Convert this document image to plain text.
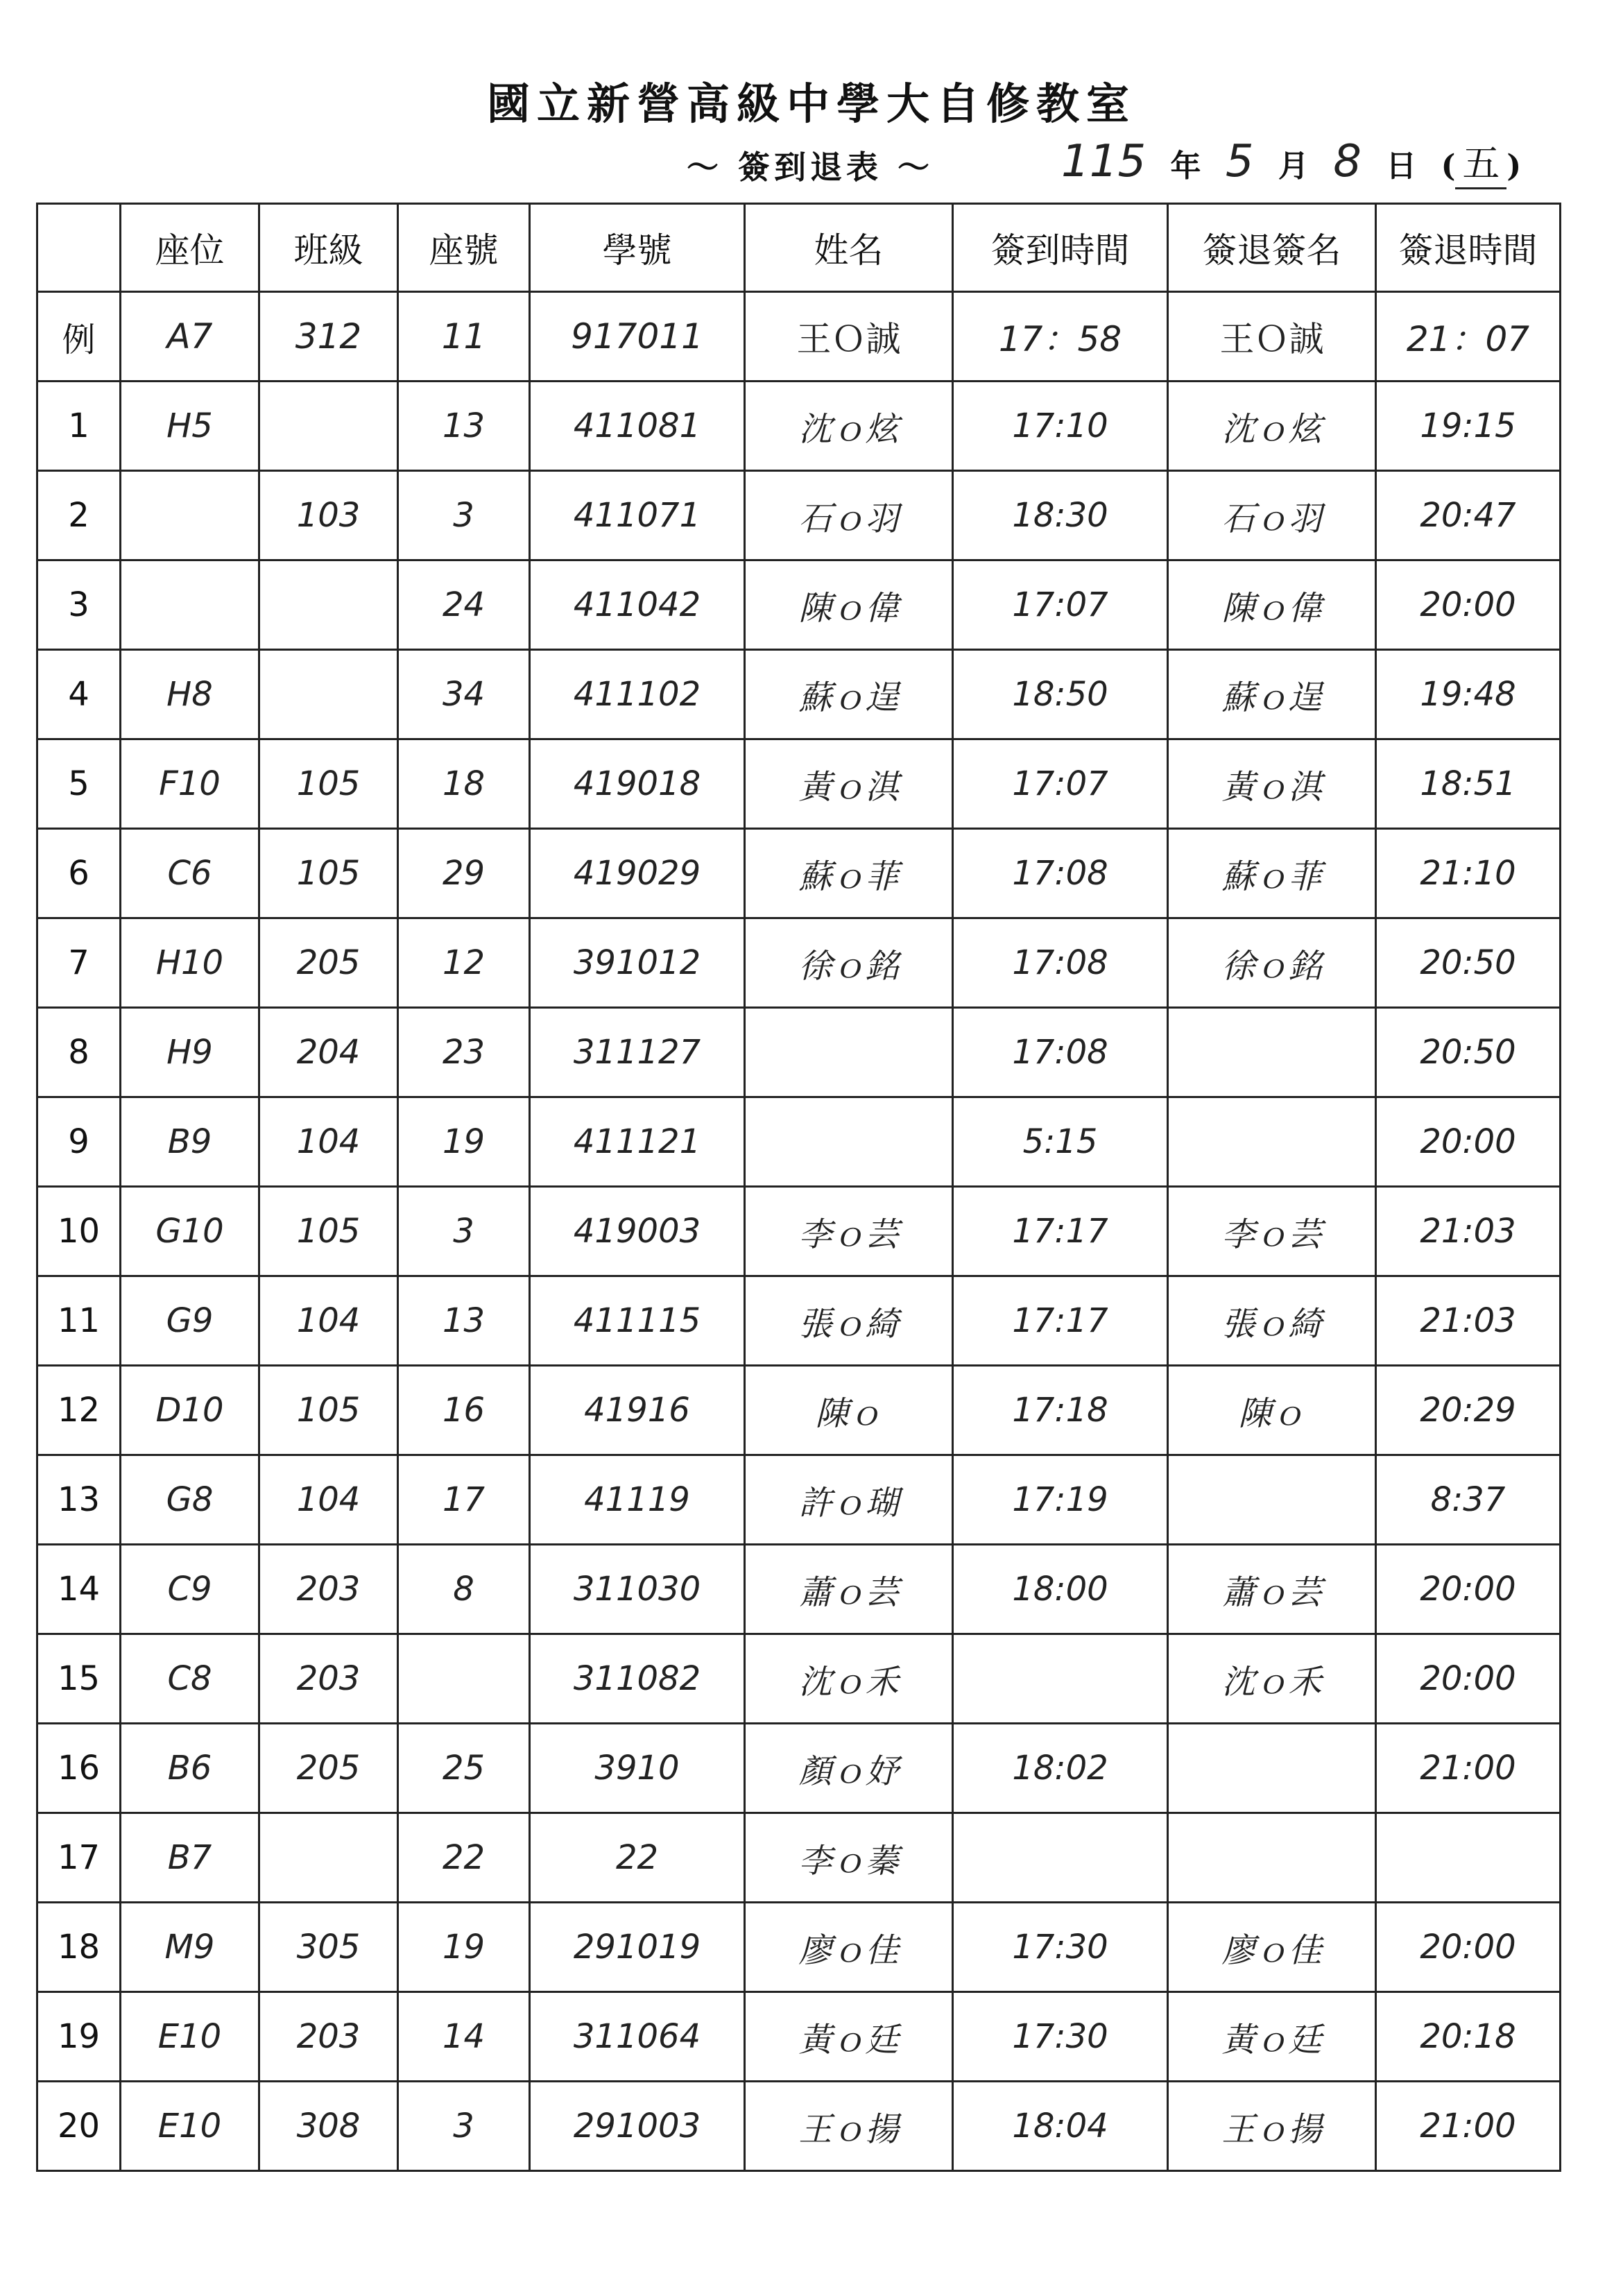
國立新營高級中學大自修教室
～ 簽到退表 ～	115 年 5 月 8 日 ( 五 )
	座位	班級	座號	學號	姓名	簽到時間	簽退簽名	簽退時間
例	A7	312	11	917011	王Ｏ誠	17：58	王Ｏ誠	21：07
1	H5		13	411081	沈ｏ炫	17:10	沈ｏ炫	19:15
2		103	3	411071	石ｏ羽	18:30	石ｏ羽	20:47
3			24	411042	陳ｏ偉	17:07	陳ｏ偉	20:00
4	H8		34	411102	蘇ｏ逞	18:50	蘇ｏ逞	19:48
5	F10	105	18	419018	黃ｏ淇	17:07	黃ｏ淇	18:51
6	C6	105	29	419029	蘇ｏ菲	17:08	蘇ｏ菲	21:10
7	H10	205	12	391012	徐ｏ銘	17:08	徐ｏ銘	20:50
8	H9	204	23	311127		17:08		20:50
9	B9	104	19	411121		5:15		20:00
10	G10	105	3	419003	李ｏ芸	17:17	李ｏ芸	21:03
11	G9	104	13	411115	張ｏ綺	17:17	張ｏ綺	21:03
12	D10	105	16	41916	陳ｏ	17:18	陳ｏ	20:29
13	G8	104	17	41119	許ｏ瑚	17:19		8:37
14	C9	203	8	311030	蕭ｏ芸	18:00	蕭ｏ芸	20:00
15	C8	203		311082	沈ｏ禾		沈ｏ禾	20:00
16	B6	205	25	3910	顏ｏ妤	18:02		21:00
17	B7		22	22	李ｏ蓁			
18	M9	305	19	291019	廖ｏ佳	17:30	廖ｏ佳	20:00
19	E10	203	14	311064	黃ｏ廷	17:30	黃ｏ廷	20:18
20	E10	308	3	291003	王ｏ揚	18:04	王ｏ揚	21:00
